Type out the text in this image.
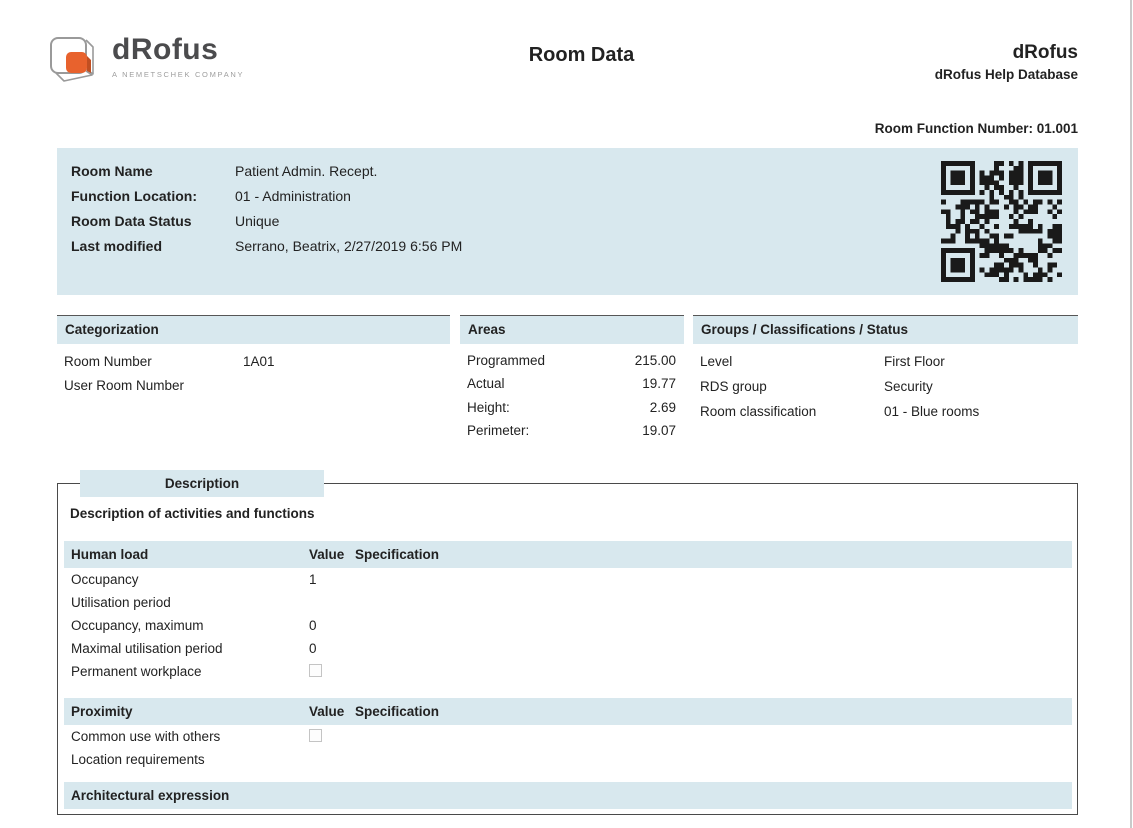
dRofus
A NEMETSCHEK COMPANY
Room Data	dRofus
dRofus Help Database
Room Function Number: 01.001
Room Name	Patient Admin. Recept.
Function Location:	01 - Administration
Room Data Status	Unique
Last modified	Serrano, Beatrix, 2/27/2019 6:56 PM
Categorization
Room Number	1A01
User Room Number
Areas
Programmed	215.00
Actual	19.77
Height:	2.69
Perimeter:	19.07
Groups / Classifications / Status
Level	First Floor
RDS group	Security
Room classification	01 - Blue rooms
Description
Description of activities and functions
Human load	Value Specification
Occupancy	1
Utilisation period
Occupancy, maximum	0
Maximal utilisation period	0
Permanent workplace
Proximity	Value Specification
Common use with others
Location requirements
Architectural expression
